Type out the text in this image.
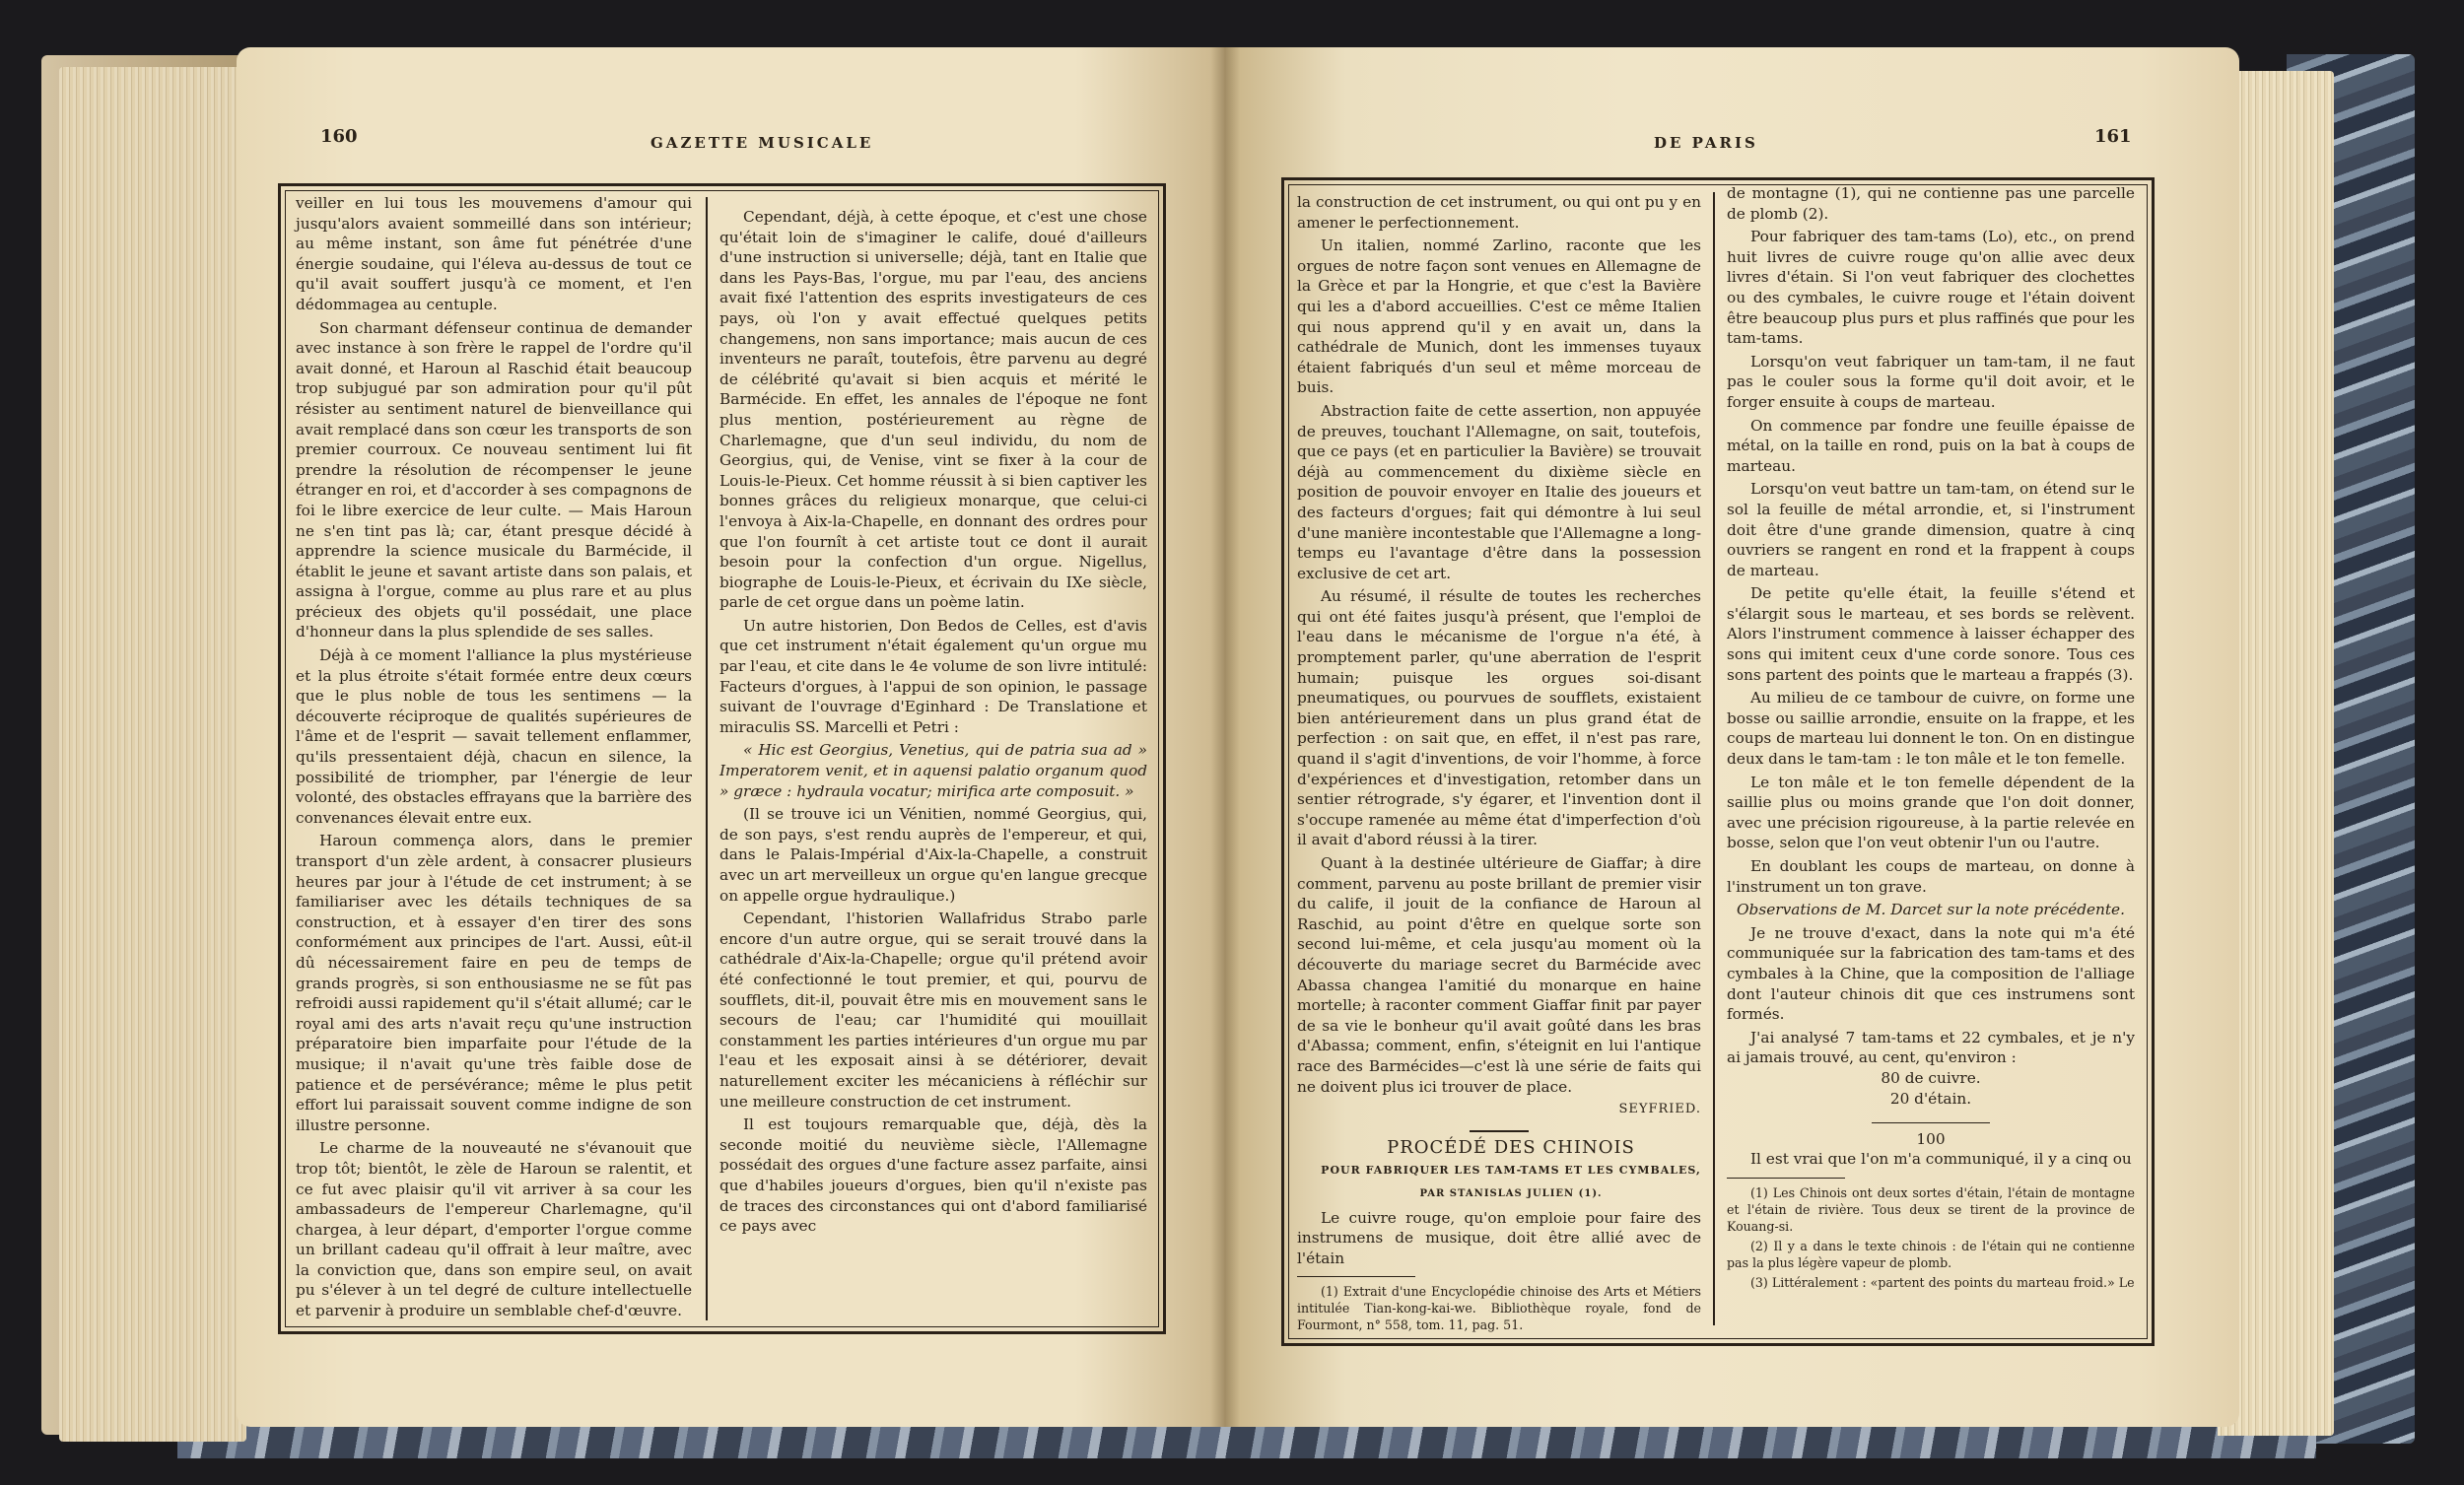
160	GAZETTE MUSICALE	DE PARIS	161

veiller en lui tous les mouvemens d'amour qui jusqu'alors avaient sommeillé dans son intérieur; au même instant, son âme fut pénétrée d'une énergie soudaine, qui l'éleva au-dessus de tout ce qu'il avait souffert jusqu'à ce moment, et l'en dédommagea au centuple.

Son charmant défenseur continua de demander avec instance à son frère le rappel de l'ordre qu'il avait donné, et Haroun al Raschid était beaucoup trop subjugué par son admiration pour qu'il pût résister au sentiment naturel de bienveillance qui avait remplacé dans son cœur les transports de son premier courroux. Ce nouveau sentiment lui fit prendre la résolution de récompenser le jeune étranger en roi, et d'accorder à ses compagnons de foi le libre exercice de leur culte. — Mais Haroun ne s'en tint pas là; car, étant presque décidé à apprendre la science musicale du Barmécide, il établit le jeune et savant artiste dans son palais, et assigna à l'orgue, comme au plus rare et au plus précieux des objets qu'il possédait, une place d'honneur dans la plus splendide de ses salles.

Déjà à ce moment l'alliance la plus mystérieuse et la plus étroite s'était formée entre deux cœurs que le plus noble de tous les sentimens — la découverte réciproque de qualités supérieures de l'âme et de l'esprit — savait tellement enflammer, qu'ils pressentaient déjà, chacun en silence, la possibilité de triompher, par l'énergie de leur volonté, des obstacles effrayans que la barrière des convenances élevait entre eux.

Haroun commença alors, dans le premier transport d'un zèle ardent, à consacrer plusieurs heures par jour à l'étude de cet instrument; à se familiariser avec les détails techniques de sa construction, et à essayer d'en tirer des sons conformément aux principes de l'art. Aussi, eût-il dû nécessairement faire en peu de temps de grands progrès, si son enthousiasme ne se fût pas refroidi aussi rapidement qu'il s'était allumé; car le royal ami des arts n'avait reçu qu'une instruction préparatoire bien imparfaite pour l'étude de la musique; il n'avait qu'une très faible dose de patience et de persévérance; même le plus petit effort lui paraissait souvent comme indigne de son illustre personne.

Le charme de la nouveauté ne s'évanouit que trop tôt; bientôt, le zèle de Haroun se ralentit, et ce fut avec plaisir qu'il vit arriver à sa cour les ambassadeurs de l'empereur Charlemagne, qu'il chargea, à leur départ, d'emporter l'orgue comme un brillant cadeau qu'il offrait à leur maître, avec la conviction que, dans son empire seul, on avait pu s'élever à un tel degré de culture intellectuelle et parvenir à produire un semblable chef-d'œuvre.

Cependant, déjà, à cette époque, et c'est une chose qu'était loin de s'imaginer le calife, doué d'ailleurs d'une instruction si universelle; déjà, tant en Italie que dans les Pays-Bas, l'orgue, mu par l'eau, des anciens avait fixé l'attention des esprits investigateurs de ces pays, où l'on y avait effectué quelques petits changemens, non sans importance; mais aucun de ces inventeurs ne paraît, toutefois, être parvenu au degré de célébrité qu'avait si bien acquis et mérité le Barmécide. En effet, les annales de l'époque ne font plus mention, postérieurement au règne de Charlemagne, que d'un seul individu, du nom de Georgius, qui, de Venise, vint se fixer à la cour de Louis-le-Pieux. Cet homme réussit à si bien captiver les bonnes grâces du religieux monarque, que celui-ci l'envoya à Aix-la-Chapelle, en donnant des ordres pour que l'on fournît à cet artiste tout ce dont il aurait besoin pour la confection d'un orgue. Nigellus, biographe de Louis-le-Pieux, et écrivain du IXe siècle, parle de cet orgue dans un poème latin.

Un autre historien, Don Bedos de Celles, est d'avis que cet instrument n'était également qu'un orgue mu par l'eau, et cite dans le 4e volume de son livre intitulé: Facteurs d'orgues, à l'appui de son opinion, le passage suivant de l'ouvrage d'Eginhard : De Translatione et miraculis SS. Marcelli et Petri :

« Hic est Georgius, Venetius, qui de patria sua ad » Imperatorem venit, et in aquensi palatio organum quod » græce : hydraula vocatur; mirifica arte composuit. »

(Il se trouve ici un Vénitien, nommé Georgius, qui, de son pays, s'est rendu auprès de l'empereur, et qui, dans le Palais-Impérial d'Aix-la-Chapelle, a construit avec un art merveilleux un orgue qu'en langue grecque on appelle orgue hydraulique.)

Cependant, l'historien Wallafridus Strabo parle encore d'un autre orgue, qui se serait trouvé dans la cathédrale d'Aix-la-Chapelle; orgue qu'il prétend avoir été confectionné le tout premier, et qui, pourvu de soufflets, dit-il, pouvait être mis en mouvement sans le secours de l'eau; car l'humidité qui mouillait constamment les parties intérieures d'un orgue mu par l'eau et les exposait ainsi à se détériorer, devait naturellement exciter les mécaniciens à réfléchir sur une meilleure construction de cet instrument.

Il est toujours remarquable que, déjà, dès la seconde moitié du neuvième siècle, l'Allemagne possédait des orgues d'une facture assez parfaite, ainsi que d'habiles joueurs d'orgues, bien qu'il n'existe pas de traces des circonstances qui ont d'abord familiarisé ce pays avec

la construction de cet instrument, ou qui ont pu y en amener le perfectionnement.

Un italien, nommé Zarlino, raconte que les orgues de notre façon sont venues en Allemagne de la Grèce et par la Hongrie, et que c'est la Bavière qui les a d'abord accueillies. C'est ce même Italien qui nous apprend qu'il y en avait un, dans la cathédrale de Munich, dont les immenses tuyaux étaient fabriqués d'un seul et même morceau de buis.

Abstraction faite de cette assertion, non appuyée de preuves, touchant l'Allemagne, on sait, toutefois, que ce pays (et en particulier la Bavière) se trouvait déjà au commencement du dixième siècle en position de pouvoir envoyer en Italie des joueurs et des facteurs d'orgues; fait qui démontre à lui seul d'une manière incontestable que l'Allemagne a long-temps eu l'avantage d'être dans la possession exclusive de cet art.

Au résumé, il résulte de toutes les recherches qui ont été faites jusqu'à présent, que l'emploi de l'eau dans le mécanisme de l'orgue n'a été, à promptement parler, qu'une aberration de l'esprit humain; puisque les orgues soi-disant pneumatiques, ou pourvues de soufflets, existaient bien antérieurement dans un plus grand état de perfection : on sait que, en effet, il n'est pas rare, quand il s'agit d'inventions, de voir l'homme, à force d'expériences et d'investigation, retomber dans un sentier rétrograde, s'y égarer, et l'invention dont il s'occupe ramenée au même état d'imperfection d'où il avait d'abord réussi à la tirer.

Quant à la destinée ultérieure de Giaffar; à dire comment, parvenu au poste brillant de premier visir du calife, il jouit de la confiance de Haroun al Raschid, au point d'être en quelque sorte son second lui-même, et cela jusqu'au moment où la découverte du mariage secret du Barmécide avec Abassa changea l'amitié du monarque en haine mortelle; à raconter comment Giaffar finit par payer de sa vie le bonheur qu'il avait goûté dans les bras d'Abassa; comment, enfin, s'éteignit en lui l'antique race des Barmécides—c'est là une série de faits qui ne doivent plus ici trouver de place.

SEYFRIED.

PROCÉDÉ DES CHINOIS

POUR FABRIQUER LES TAM-TAMS ET LES CYMBALES,

PAR STANISLAS JULIEN (1).

Le cuivre rouge, qu'on emploie pour faire des instrumens de musique, doit être allié avec de l'étain

(1) Extrait d'une Encyclopédie chinoise des Arts et Métiers intitulée Tian-kong-kai-we. Bibliothèque royale, fond de Fourmont, n° 558, tom. 11, pag. 51.

de montagne (1), qui ne contienne pas une parcelle de plomb (2).

Pour fabriquer des tam-tams (Lo), etc., on prend huit livres de cuivre rouge qu'on allie avec deux livres d'étain. Si l'on veut fabriquer des clochettes ou des cymbales, le cuivre rouge et l'étain doivent être beaucoup plus purs et plus raffinés que pour les tam-tams.

Lorsqu'on veut fabriquer un tam-tam, il ne faut pas le couler sous la forme qu'il doit avoir, et le forger ensuite à coups de marteau.

On commence par fondre une feuille épaisse de métal, on la taille en rond, puis on la bat à coups de marteau.

Lorsqu'on veut battre un tam-tam, on étend sur le sol la feuille de métal arrondie, et, si l'instrument doit être d'une grande dimension, quatre à cinq ouvriers se rangent en rond et la frappent à coups de marteau.

De petite qu'elle était, la feuille s'étend et s'élargit sous le marteau, et ses bords se relèvent. Alors l'instrument commence à laisser échapper des sons qui imitent ceux d'une corde sonore. Tous ces sons partent des points que le marteau a frappés (3).

Au milieu de ce tambour de cuivre, on forme une bosse ou saillie arrondie, ensuite on la frappe, et les coups de marteau lui donnent le ton. On en distingue deux dans le tam-tam : le ton mâle et le ton femelle.

Le ton mâle et le ton femelle dépendent de la saillie plus ou moins grande que l'on doit donner, avec une précision rigoureuse, à la partie relevée en bosse, selon que l'on veut obtenir l'un ou l'autre.

En doublant les coups de marteau, on donne à l'instrument un ton grave.

Observations de M. Darcet sur la note précédente.

Je ne trouve d'exact, dans la note qui m'a été communiquée sur la fabrication des tam-tams et des cymbales à la Chine, que la composition de l'alliage dont l'auteur chinois dit que ces instrumens sont formés.

J'ai analysé 7 tam-tams et 22 cymbales, et je n'y ai jamais trouvé, au cent, qu'environ :

80 de cuivre.
20 d'étain.
100

Il est vrai que l'on m'a communiqué, il y a cinq ou

(1) Les Chinois ont deux sortes d'étain, l'étain de montagne et l'étain de rivière. Tous deux se tirent de la province de Kouang-si.

(2) Il y a dans le texte chinois : de l'étain qui ne contienne pas la plus légère vapeur de plomb.

(3) Littéralement : «partent des points du marteau froid.» Le
